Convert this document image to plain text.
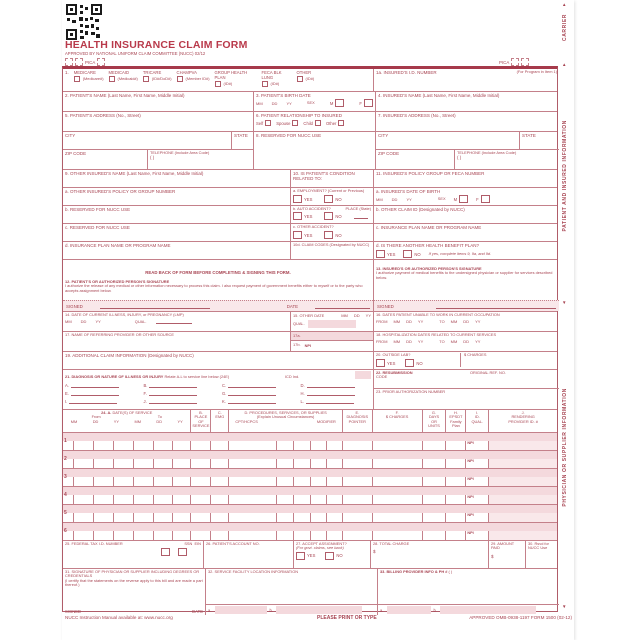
HEALTH INSURANCE CLAIM FORM
APPROVED BY NATIONAL UNIFORM CLAIM COMMITTEE (NUCC) 02/12
PICA	PICA
1. MEDICARE
(Medicare#)
MEDICAID
(Medicaid#)
TRICARE
(ID#/DoD#)
CHAMPVA
(Member ID#)
GROUP HEALTH PLAN
(ID#)
FECA BLK LUNG
(ID#)
OTHER
(ID#)
1a. INSURED'S I.D. NUMBER	(For Program in Item 1)
2. PATIENT'S NAME (Last Name, First Name, Middle Initial)	3. PATIENT'S BIRTH DATE
MM DD YY	SEX	M	F
4. INSURED'S NAME (Last Name, First Name, Middle Initial)
5. PATIENT'S ADDRESS (No., Street)	6. PATIENT RELATIONSHIP TO INSURED
Self	Spouse	Child	Other
7. INSURED'S ADDRESS (No., Street)
CITY	STATE
ZIP CODE	TELEPHONE (Include Area Code)
( )
8. RESERVED FOR NUCC USE	CITY	STATE
ZIP CODE	TELEPHONE (Include Area Code)
( )
9. OTHER INSURED'S NAME (Last Name, First Name, Middle Initial)	10. IS PATIENT'S CONDITION RELATED TO:
11. INSURED'S POLICY GROUP OR FECA NUMBER
a. OTHER INSURED'S POLICY OR GROUP NUMBER	a. EMPLOYMENT? (Current or Previous)
YES	NO
a. INSURED'S DATE OF BIRTH
MM DD YY	SEX M	F
b. RESERVED FOR NUCC USE	b. AUTO ACCIDENT?	PLACE (State)
YES	NO
b. OTHER CLAIM ID (Designated by NUCC)
c. RESERVED FOR NUCC USE	c. OTHER ACCIDENT?
YES	NO
c. INSURANCE PLAN NAME OR PROGRAM NAME
d. INSURANCE PLAN NAME OR PROGRAM NAME	10d. CLAIM CODES (Designated by NUCC)	d. IS THERE ANOTHER HEALTH BENEFIT PLAN?
YES	NO If yes, complete items 9, 9a, and 9d.
READ BACK OF FORM BEFORE COMPLETING & SIGNING THIS FORM.
12. PATIENT'S OR AUTHORIZED PERSON'S SIGNATURE
I authorize the release of any medical or other information necessary to process this claim. I also request payment of government benefits either to myself or to the party who accepts assignment below.
SIGNED	DATE
13. INSURED'S OR AUTHORIZED PERSON'S SIGNATURE
I authorize payment of medical benefits to the undersigned physician or supplier for services described below.
SIGNED
14. DATE OF CURRENT ILLNESS, INJURY, or PREGNANCY (LMP)
MM DD YY	QUAL.
15. OTHER DATE	MM DD YY
QUAL.
16. DATES PATIENT UNABLE TO WORK IN CURRENT OCCUPATION
FROM MM DD YY	TO MM DD YY
17. NAME OF REFERRING PROVIDER OR OTHER SOURCE	17a.
17b. NPI
18. HOSPITALIZATION DATES RELATED TO CURRENT SERVICES
FROM MM DD YY	TO MM DD YY
19. ADDITIONAL CLAIM INFORMATION (Designated by NUCC)	20. OUTSIDE LAB?
YES	NO
$ CHARGES
21. DIAGNOSIS OR NATURE OF ILLNESS OR INJURY Relate A-L to service line below (24E)	ICD Ind.
A.	B.	C.	D.
E.	F.	G.	H.
I.	J.	K.	L.
22. RESUBMISSION
CODE
ORIGINAL REF. NO.
23. PRIOR AUTHORIZATION NUMBER
24. A. DATE(S) OF SERVICE
From	To
MM	DD	YY	MM	DD	YY
B.
PLACE OF
SERVICE
C.
EMG
D. PROCEDURES, SERVICES, OR SUPPLIES
(Explain Unusual Circumstances)
CPT/HCPCS	MODIFIER
E.
DIAGNOSIS
POINTER
F.
$ CHARGES
G.
DAYS
OR
UNITS
H.
EPSDT
Family
Plan
I.
ID.
QUAL.
J.
RENDERING
PROVIDER ID. #
1	NPI
2	NPI
3	NPI
4	NPI
5	NPI
6	NPI
25. FEDERAL TAX I.D. NUMBER	SSN EIN 26. PATIENT'S ACCOUNT NO.	27. ACCEPT ASSIGNMENT?
(For govt. claims, see back)
YES	NO
28. TOTAL CHARGE
$
29. AMOUNT PAID
$
30. Rsvd for NUCC Use
31. SIGNATURE OF PHYSICIAN OR SUPPLIER INCLUDING DEGREES OR CREDENTIALS
(I certify that the statements on the reverse apply to this bill and are made a part thereof.)
SIGNED	DATE
32. SERVICE FACILITY LOCATION INFORMATION
a.	b.
33. BILLING PROVIDER INFO & PH # ( )
a.	b.
NUCC Instruction Manual available at: www.nucc.org	PLEASE PRINT OR TYPE	APPROVED OMB-0938-1197 FORM 1500 (02-12)
▲
CARRIER
▲
PATIENT AND INSURED INFORMATION
▼
PHYSICIAN OR SUPPLIER INFORMATION
▼
